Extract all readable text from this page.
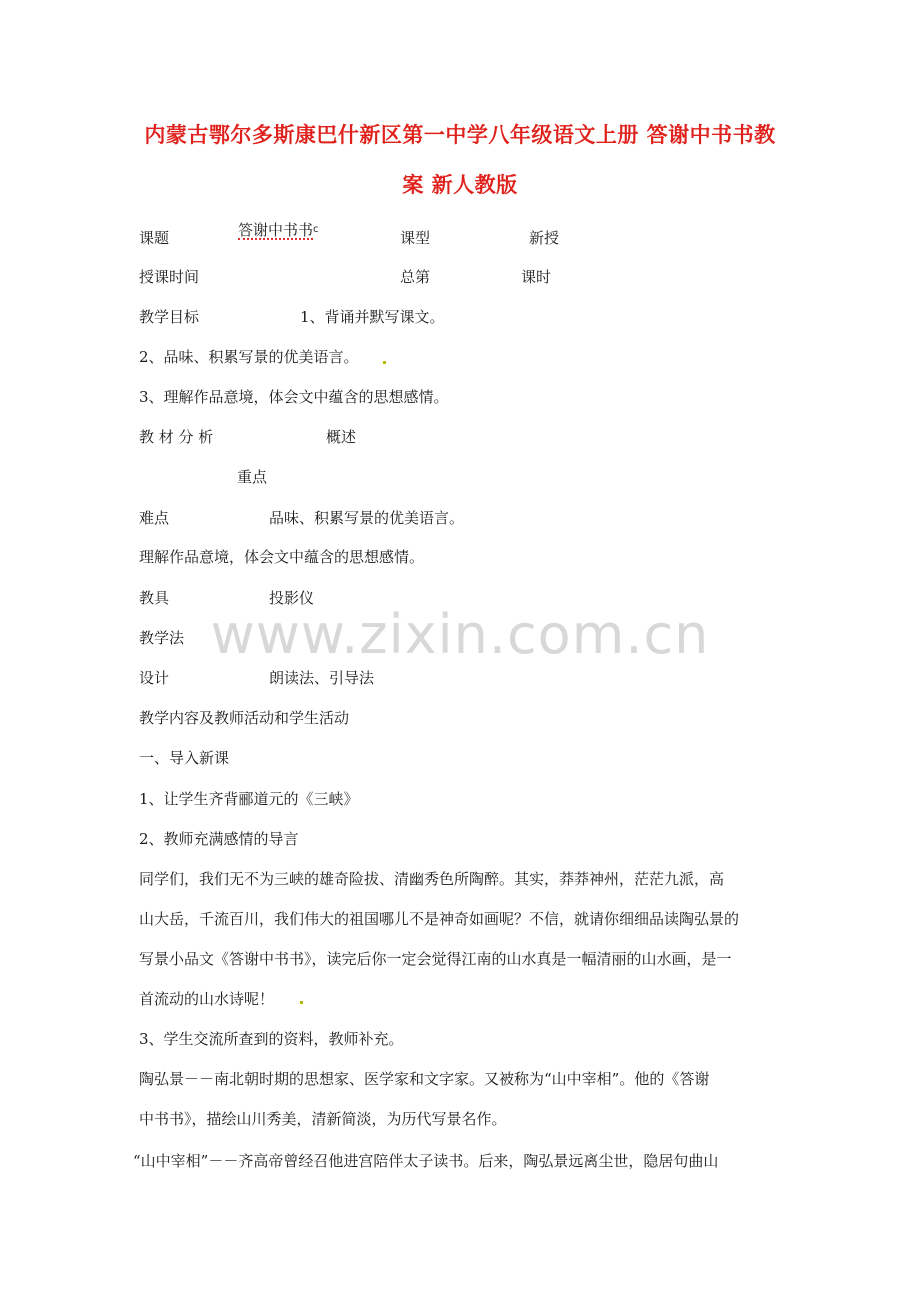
内蒙古鄂尔多斯康巴什新区第一中学八年级语文上册 答谢中书书教
案 新人教版
课题	答谢中书书$^c$	课型	新授
授课时间	总第	课时
教学目标	1、背诵并默写课文。
2、品味、积累写景的优美语言。
3、理解作品意境，体会文中蕴含的思想感情。
教 材 分 析	概述
重点
难点	品味、积累写景的优美语言。
理解作品意境，体会文中蕴含的思想感情。
教具	投影仪
www.zixin.com.cn
教学法
设计	朗读法、引导法
教学内容及教师活动和学生活动
一、导入新课
1、让学生齐背郦道元的《三峡》
2、教师充满感情的导言
同学们，我们无不为三峡的雄奇险拔、清幽秀色所陶醉。其实，莽莽神州，茫茫九派，高
山大岳，千流百川，我们伟大的祖国哪儿不是神奇如画呢？不信，就请你细细品读陶弘景的
写景小品文《答谢中书书》，读完后你一定会觉得江南的山水真是一幅清丽的山水画，是一
首流动的山水诗呢！
3、学生交流所查到的资料，教师补充。
陶弘景－－南北朝时期的思想家、医学家和文字家。又被称为“山中宰相”。他的《答谢
中书书》，描绘山川秀美，清新简淡，为历代写景名作。
“山中宰相”－－齐高帝曾经召他进宫陪伴太子读书。后来，陶弘景远离尘世，隐居句曲山
